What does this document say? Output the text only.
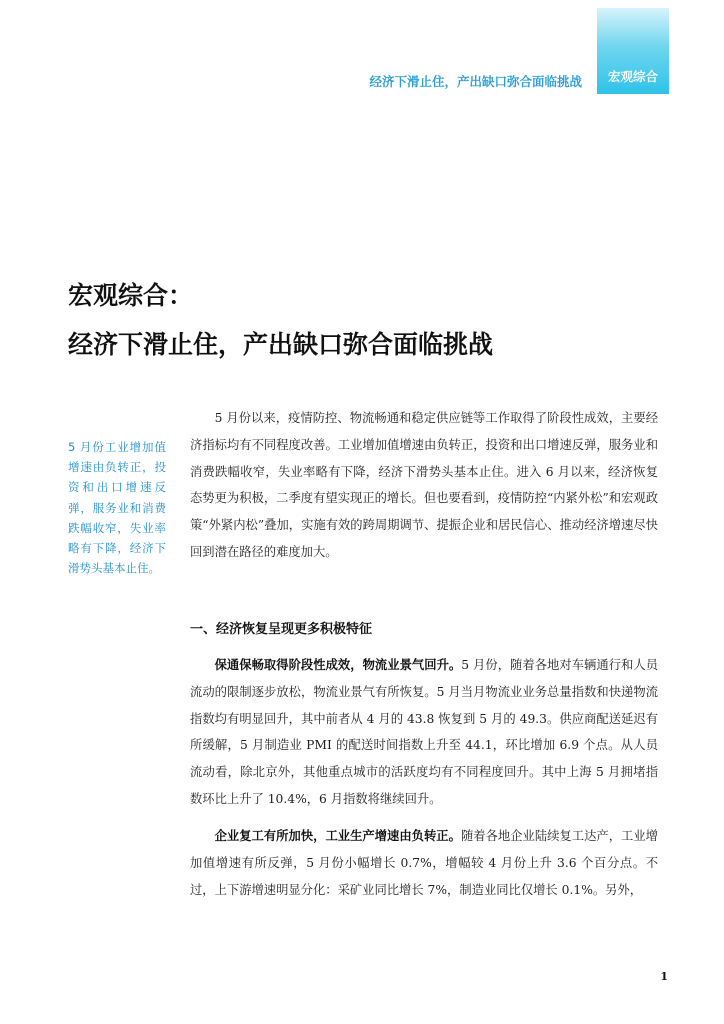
经济下滑止住，产出缺口弥合面临挑战	宏观综合
宏观综合：
经济下滑止住，产出缺口弥合面临挑战
5 月份工业增加值增速由负转正，投资和出口增速反弹，服务业和消费跌幅收窄，失业率略有下降，经济下滑势头基本止住。

5 月份以来，疫情防控、物流畅通和稳定供应链等工作取得了阶段性成效，主要经济指标均有不同程度改善。工业增加值增速由负转正，投资和出口增速反弹，服务业和消费跌幅收窄，失业率略有下降，经济下滑势头基本止住。进入 6 月以来，经济恢复态势更为积极，二季度有望实现正的增长。但也要看到，疫情防控“内紧外松”和宏观政策“外紧内松”叠加，实施有效的跨周期调节、提振企业和居民信心、推动经济增速尽快回到潜在路径的难度加大。

一、经济恢复呈现更多积极特征

保通保畅取得阶段性成效，物流业景气回升。5 月份，随着各地对车辆通行和人员流动的限制逐步放松，物流业景气有所恢复。5 月当月物流业业务总量指数和快递物流指数均有明显回升，其中前者从 4 月的 43.8 恢复到 5 月的 49.3。供应商配送延迟有所缓解，5 月制造业 PMI 的配送时间指数上升至 44.1，环比增加 6.9 个点。从人员流动看，除北京外，其他重点城市的活跃度均有不同程度回升。其中上海 5 月拥堵指数环比上升了 10.4%，6 月指数将继续回升。

企业复工有所加快，工业生产增速由负转正。随着各地企业陆续复工达产，工业增加值增速有所反弹，5 月份小幅增长 0.7%，增幅较 4 月份上升 3.6 个百分点。不过，上下游增速明显分化：采矿业同比增长 7%，制造业同比仅增长 0.1%。另外，

1
